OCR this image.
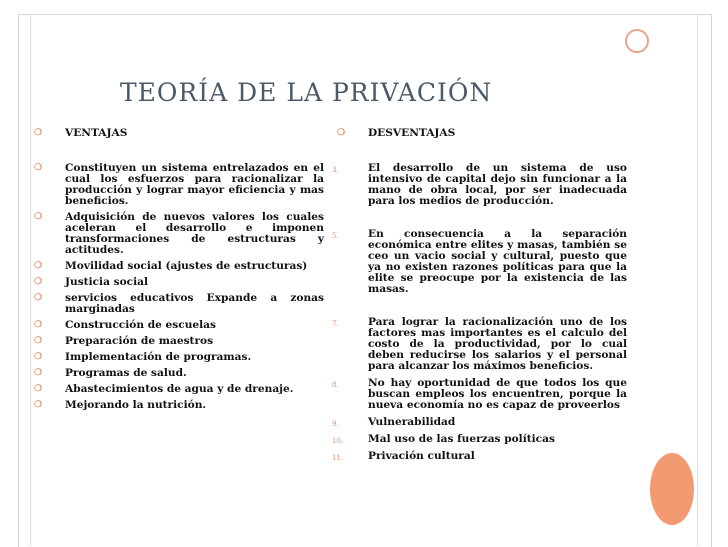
TEORÍA DE LA PRIVACIÓN
❍ VENTAJAS
❍ Constituyen un sistema entrelazados en el cual los esfuerzos para racionalizar la producción y lograr mayor eficiencia y mas beneficios.
❍ Adquisición de nuevos valores los cuales aceleran el desarrollo e imponen transformaciones de estructuras y actitudes.
❍ Movilidad social (ajustes de estructuras)
❍ Justicia social
❍ servicios educativos Expande a zonas marginadas
❍ Construcción de escuelas
❍ Preparación de maestros
❍ Implementación de programas.
❍ Programas de salud.
❍ Abastecimientos de agua y de drenaje.
❍ Mejorando la nutrición.
❍ DESVENTAJAS
3.	El desarrollo de un sistema de uso intensivo de capital dejo sin funcionar a la mano de obra local, por ser inadecuada para los medios de producción.
5.	En consecuencia a la separación económica entre elites y masas, también se ceo un vacio social y cultural, puesto que ya no existen razones políticas para que la elite se preocupe por la existencia de las masas.
7.	Para lograr la racionalización uno de los factores mas importantes es el calculo del costo de la productividad, por lo cual deben reducirse los salarios y el personal para alcanzar los máximos beneficios.
8.	No hay oportunidad de que todos los que buscan empleos los encuentren, porque la nueva economía no es capaz de proveerlos
9.	Vulnerabilidad
10. Mal uso de las fuerzas políticas
11. Privación cultural
